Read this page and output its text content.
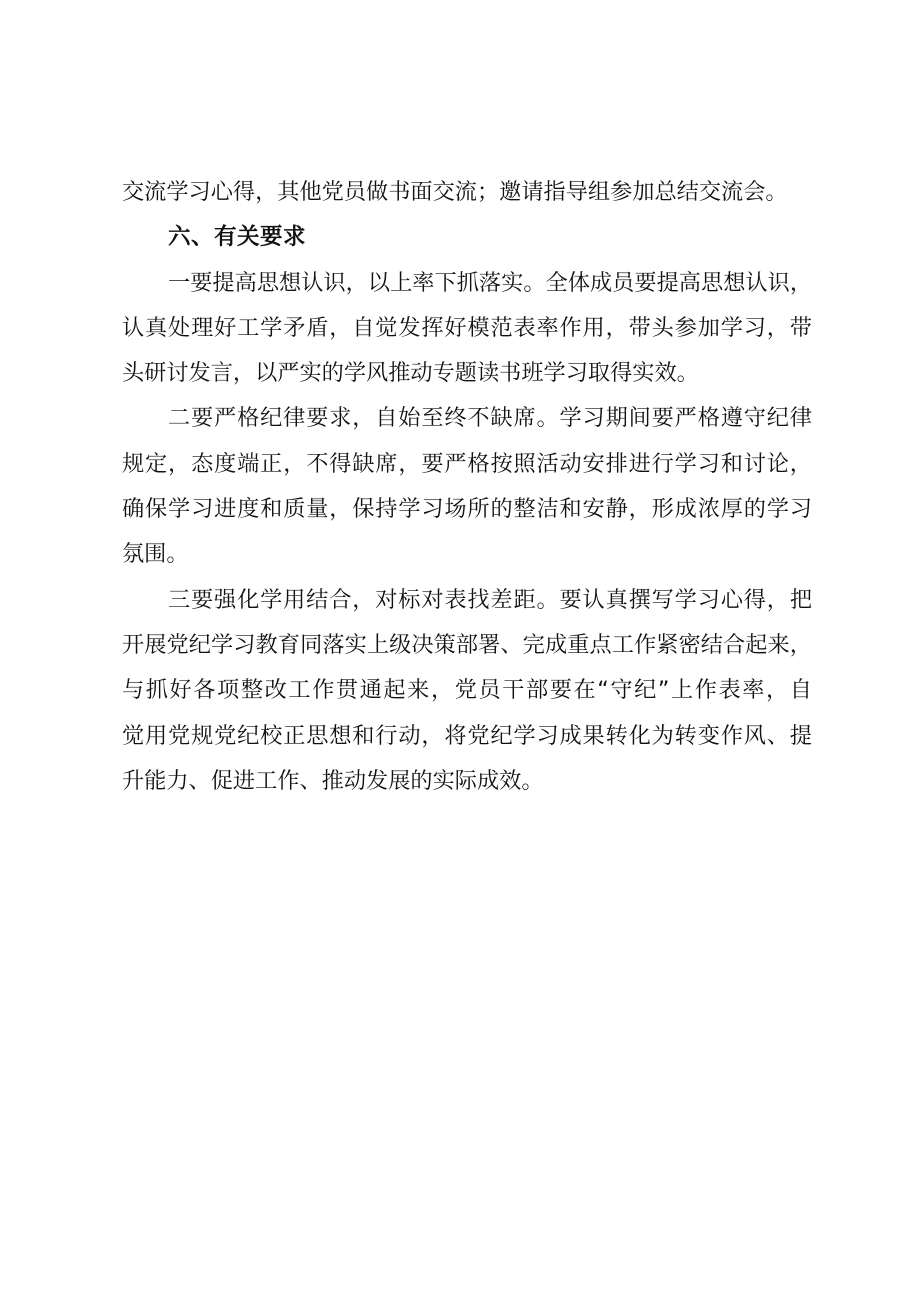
交流学习心得，其他党员做书面交流；邀请指导组参加总结交流会。
六、有关要求
一要提高思想认识，以上率下抓落实。全体成员要提高思想认识，
认真处理好工学矛盾，自觉发挥好模范表率作用，带头参加学习，带
头研讨发言，以严实的学风推动专题读书班学习取得实效。
二要严格纪律要求，自始至终不缺席。学习期间要严格遵守纪律
规定，态度端正，不得缺席，要严格按照活动安排进行学习和讨论，
确保学习进度和质量，保持学习场所的整洁和安静，形成浓厚的学习
氛围。
三要强化学用结合，对标对表找差距。要认真撰写学习心得，把
开展党纪学习教育同落实上级决策部署、完成重点工作紧密结合起来，
与抓好各项整改工作贯通起来，党员干部要在“守纪”上作表率，自
觉用党规党纪校正思想和行动，将党纪学习成果转化为转变作风、提
升能力、促进工作、推动发展的实际成效。
